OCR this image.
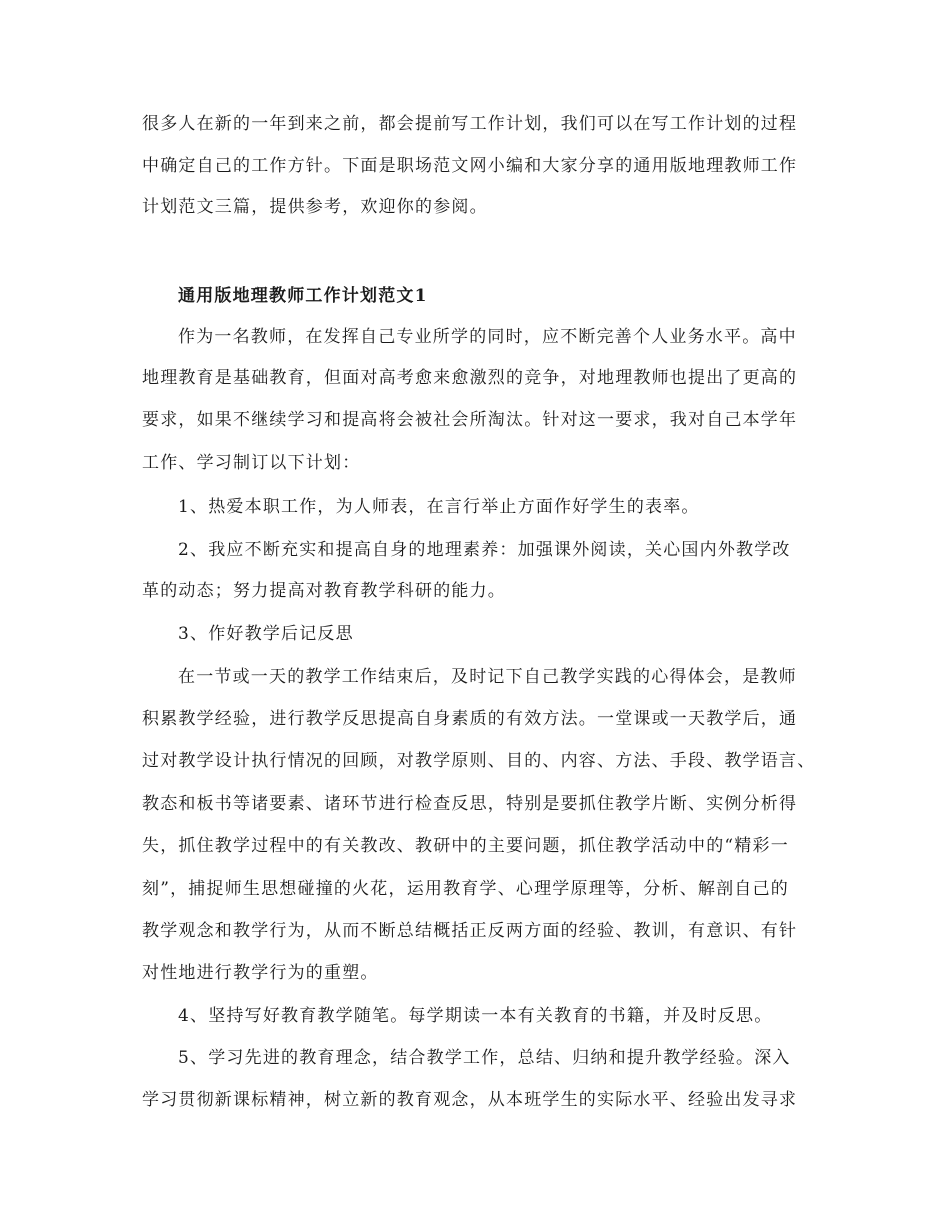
很多人在新的一年到来之前，都会提前写工作计划，我们可以在写工作计划的过程
中确定自己的工作方针。下面是职场范文网小编和大家分享的通用版地理教师工作
计划范文三篇，提供参考，欢迎你的参阅。
通用版地理教师工作计划范文1
作为一名教师，在发挥自己专业所学的同时，应不断完善个人业务水平。高中
地理教育是基础教育，但面对高考愈来愈激烈的竞争，对地理教师也提出了更高的
要求，如果不继续学习和提高将会被社会所淘汰。针对这一要求，我对自己本学年
工作、学习制订以下计划：
1、热爱本职工作，为人师表，在言行举止方面作好学生的表率。
2、我应不断充实和提高自身的地理素养：加强课外阅读，关心国内外教学改
革的动态；努力提高对教育教学科研的能力。
3、作好教学后记反思
在一节或一天的教学工作结束后，及时记下自己教学实践的心得体会，是教师
积累教学经验，进行教学反思提高自身素质的有效方法。一堂课或一天教学后，通
过对教学设计执行情况的回顾，对教学原则、目的、内容、方法、手段、教学语言、
教态和板书等诸要素、诸环节进行检查反思，特别是要抓住教学片断、实例分析得
失，抓住教学过程中的有关教改、教研中的主要问题，抓住教学活动中的“精彩一
刻”，捕捉师生思想碰撞的火花，运用教育学、心理学原理等，分析、解剖自己的
教学观念和教学行为，从而不断总结概括正反两方面的经验、教训，有意识、有针
对性地进行教学行为的重塑。
4、坚持写好教育教学随笔。每学期读一本有关教育的书籍，并及时反思。
5、学习先进的教育理念，结合教学工作，总结、归纳和提升教学经验。深入
学习贯彻新课标精神，树立新的教育观念，从本班学生的实际水平、经验出发寻求
